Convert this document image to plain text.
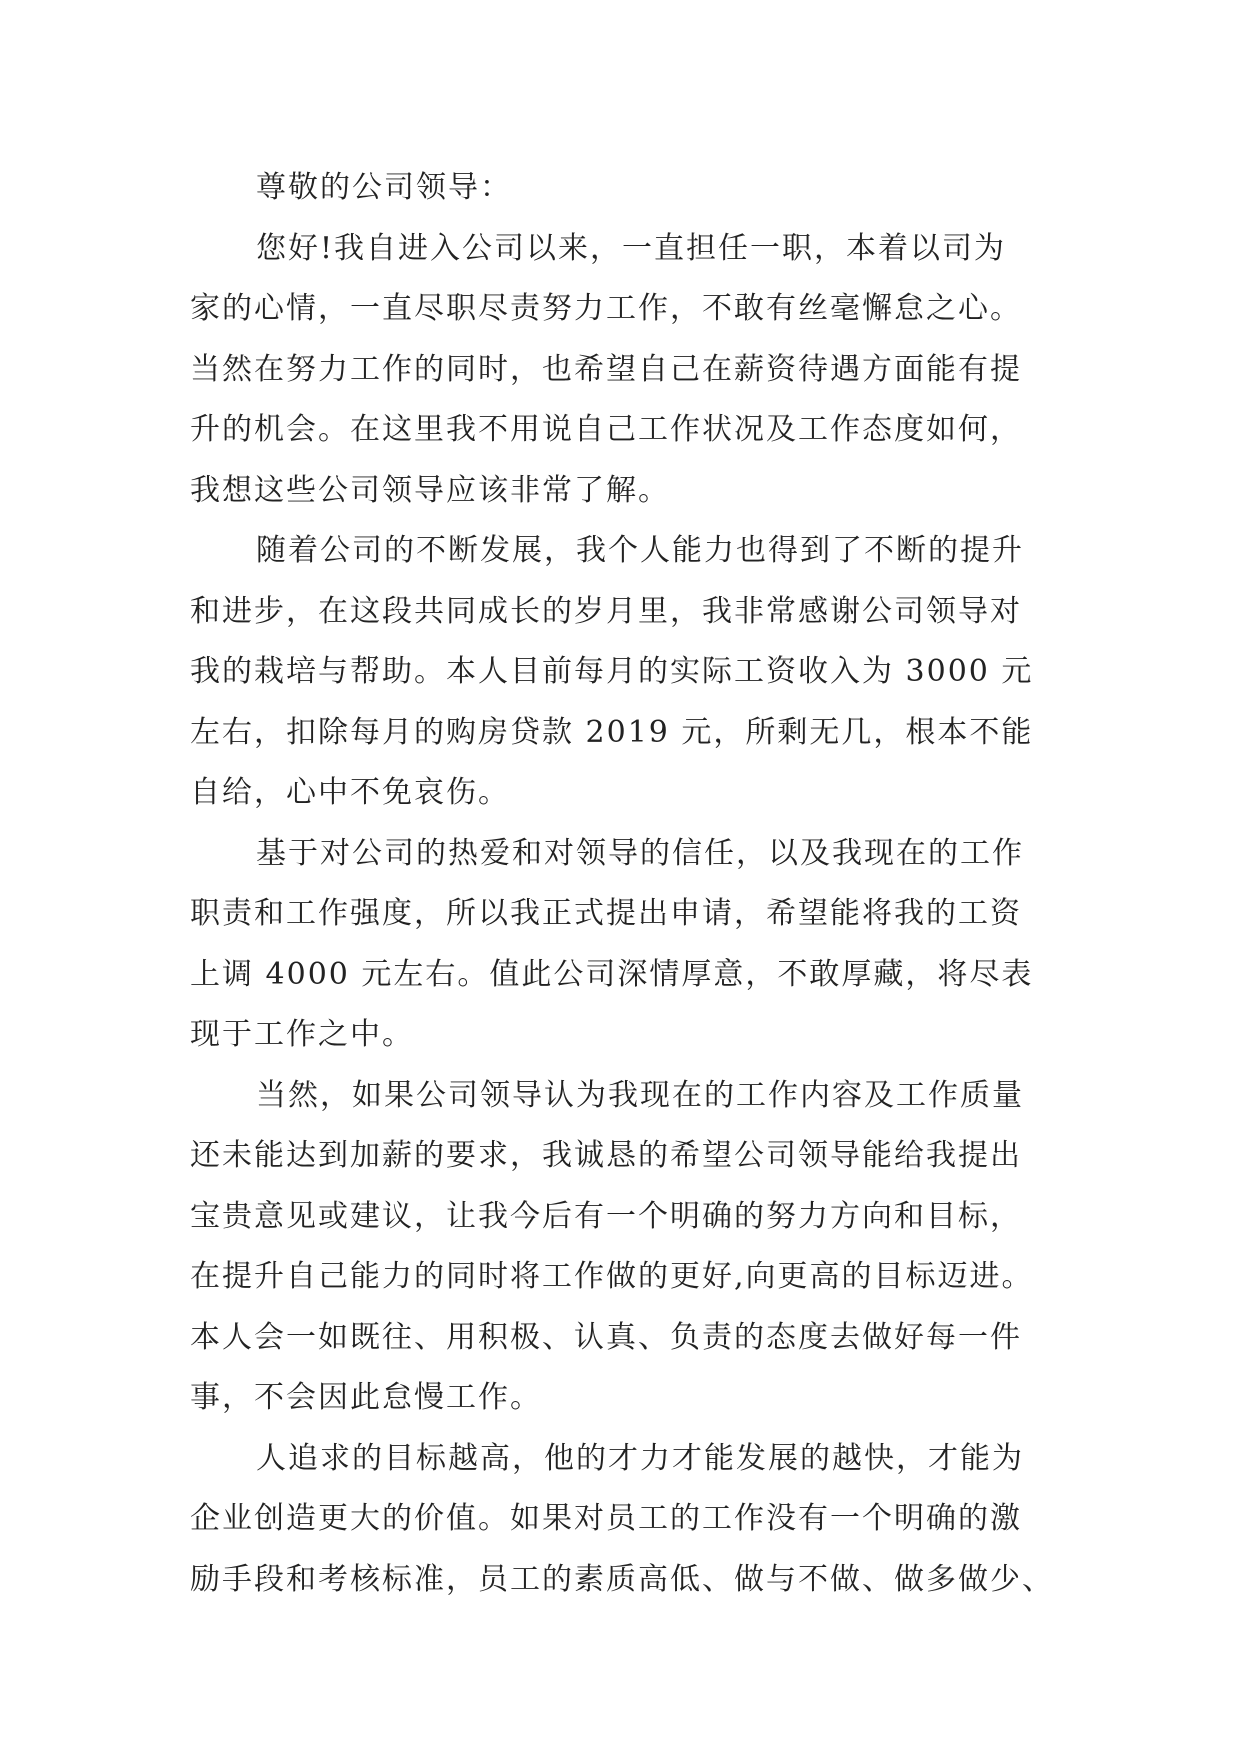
尊敬的公司领导：
您好!我自进入公司以来，一直担任一职，本着以司为
家的心情，一直尽职尽责努力工作，不敢有丝毫懈怠之心。
当然在努力工作的同时，也希望自己在薪资待遇方面能有提
升的机会。在这里我不用说自己工作状况及工作态度如何，
我想这些公司领导应该非常了解。
随着公司的不断发展，我个人能力也得到了不断的提升
和进步，在这段共同成长的岁月里，我非常感谢公司领导对
我的栽培与帮助。本人目前每月的实际工资收入为 3000 元
左右，扣除每月的购房贷款 2019 元，所剩无几，根本不能
自给，心中不免哀伤。
基于对公司的热爱和对领导的信任，以及我现在的工作
职责和工作强度，所以我正式提出申请，希望能将我的工资
上调 4000 元左右。值此公司深情厚意，不敢厚藏，将尽表
现于工作之中。
当然，如果公司领导认为我现在的工作内容及工作质量
还未能达到加薪的要求，我诚恳的希望公司领导能给我提出
宝贵意见或建议，让我今后有一个明确的努力方向和目标，
在提升自己能力的同时将工作做的更好,向更高的目标迈进。
本人会一如既往、用积极、认真、负责的态度去做好每一件
事，不会因此怠慢工作。
人追求的目标越高，他的才力才能发展的越快，才能为
企业创造更大的价值。如果对员工的工作没有一个明确的激
励手段和考核标准，员工的素质高低、做与不做、做多做少、
